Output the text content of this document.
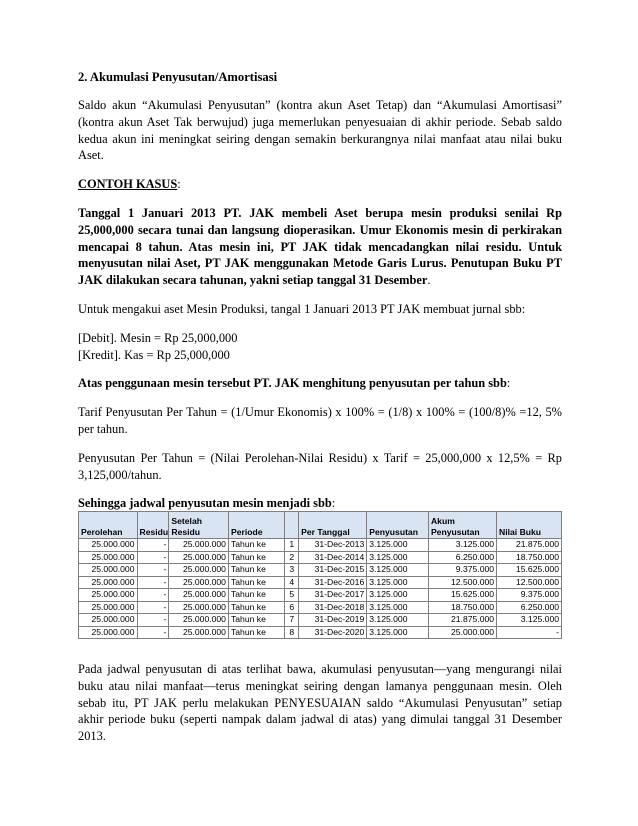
2. Akumulasi Penyusutan/Amortisasi

Saldo akun “Akumulasi Penyusutan” (kontra akun Aset Tetap) dan “Akumulasi Amortisasi” (kontra akun Aset Tak berwujud) juga memerlukan penyesuaian di akhir periode. Sebab saldo kedua akun ini meningkat seiring dengan semakin berkurangnya nilai manfaat atau nilai buku Aset.

CONTOH KASUS:

Tanggal 1 Januari 2013 PT. JAK membeli Aset berupa mesin produksi senilai Rp 25,000,000 secara tunai dan langsung dioperasikan. Umur Ekonomis mesin di perkirakan mencapai 8 tahun. Atas mesin ini, PT JAK tidak mencadangkan nilai residu. Untuk menyusutan nilai Aset, PT JAK menggunakan Metode Garis Lurus. Penutupan Buku PT JAK dilakukan secara tahunan, yakni setiap tanggal 31 Desember.

Untuk mengakui aset Mesin Produksi, tangal 1 Januari 2013 PT JAK membuat jurnal sbb:

[Debit]. Mesin = Rp 25,000,000

[Kredit]. Kas = Rp 25,000,000

Atas penggunaan mesin tersebut PT. JAK menghitung penyusutan per tahun sbb:

Tarif Penyusutan Per Tahun = (1/Umur Ekonomis) x 100% = (1/8) x 100% = (100/8)% =12, 5% per tahun.

Penyusutan Per Tahun = (Nilai Perolehan-Nilai Residu) x Tarif = 25,000,000 x 12,5% = Rp 3,125,000/tahun.

Sehingga jadwal penyusutan mesin menjadi sbb:

Perolehan	Residu	Setelah Residu	Periode		Per Tanggal	Penyusutan	Akum Penyusutan	Nilai Buku
25.000.000	-	25.000.000	Tahun ke	1	31-Dec-2013	3.125.000	3.125.000	21.875.000
25.000.000	-	25.000.000	Tahun ke	2	31-Dec-2014	3.125.000	6.250.000	18.750.000
25.000.000	-	25.000.000	Tahun ke	3	31-Dec-2015	3.125.000	9.375.000	15.625.000
25.000.000	-	25.000.000	Tahun ke	4	31-Dec-2016	3.125.000	12.500.000	12.500.000
25.000.000	-	25.000.000	Tahun ke	5	31-Dec-2017	3.125.000	15.625.000	9.375.000
25.000.000	-	25.000.000	Tahun ke	6	31-Dec-2018	3.125.000	18.750.000	6.250.000
25.000.000	-	25.000.000	Tahun ke	7	31-Dec-2019	3.125.000	21.875.000	3.125.000
25.000.000	-	25.000.000	Tahun ke	8	31-Dec-2020	3.125.000	25.000.000	-

Pada jadwal penyusutan di atas terlihat bawa, akumulasi penyusutan—yang mengurangi nilai buku atau nilai manfaat—terus meningkat seiring dengan lamanya penggunaan mesin. Oleh sebab itu, PT JAK perlu melakukan PENYESUAIAN saldo “Akumulasi Penyusutan” setiap akhir periode buku (seperti nampak dalam jadwal di atas) yang dimulai tanggal 31 Desember 2013.
